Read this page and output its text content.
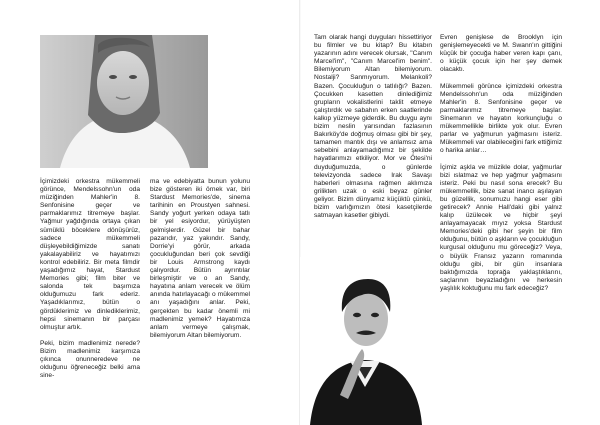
İçimizdeki orkestra mükemmeli görünce, Mendelssohn'un oda müziğinden Mahler'in 8. Senfonisine geçer ve parmaklarımız titremeye başlar. Yağmur yağdığında ortaya çıkan sümüklü böceklere dönüşürüz, sadece mükemmeli düşleyebildiğimizde sanatı yakalayabiliriz ve hayatımızı kontrol edebiliriz. Bir meta filmdir yaşadığımız hayat, Stardust Memories gibi; film biter ve salonda tek başımıza olduğumuzu fark ederiz. Yaşadıklarımız, bütün o gördüklerimiz ve dinlediklerimiz, hepsi sinemanın bir parçası olmuştur artık.

Peki, bizim madlenimiz nerede? Bizim madlenimiz karşımıza çıkınca onunneredeve ne olduğunu öğreneceğiz belki ama sine-
ma ve edebiyatta bunun yolunu bize gösteren iki örnek var, biri Stardust Memories'de, sinema tarihinin en Proustyen sahnesi. Sandy yoğurt yerken odaya tatlı bir yel esiyordur, yürüyüşten gelmişlerdir. Güzel bir bahar pazarıdır, yaz yakındır. Sandy, Dorrie'yi görür, arkada çocukluğundan beri çok sevdiği bir Louis Armstrong kaydı çalıyordur. Bütün ayrıntılar birleşmiştir ve o an Sandy, hayatına anlam verecek ve ölüm anında hatırlayacağı o mükemmel anı yaşadığını anlar. Peki, gerçekten bu kadar önemli mi madlenimiz yemek? Hayatımıza anlam vermeye çalışmak, bilemiyorum Altan bilemiyorum.
Tam olarak hangi duyguları hissettiriyor bu filmler ve bu kitap? Bu kitabın yazarının adını verecek olursak, "Canım Marcel'im", "Canım Marcel'im benim". Bilemiyorum Altan bilemiyorum. Nostalji? Sanmıyorum. Melankoli? Bazen. Çocukluğun o tatlılığı? Bazen. Çocukken kasetten dinlediğimiz grupların vokalistlerini taklit etmeye çalıştırdık ve sabahın erken saatlerinde kalkıp yüzmeye giderdik. Bu duygu aynı bizim neslin yarısından fazlasının Bakırköy'de doğmuş olması gibi bir şey, tamamen mantık dışı ve anlamsız ama sebebini anlayamadığımız bir şekilde hayatlarımızı etkiliyor. Mor ve Ötesi'ni duyduğumuzda, o günlerde televizyonda sadece Irak Savaşı haberleri olmasına rağmen aklımıza grilikten uzak o eski beyaz günler geliyor. Bizim dünyamız küçüktü çünkü, bizim varlığımızın ötesi kasetçilerde satmayan kasetler gibiydi.
Evren genişlese de Brooklyn için genişlemeyecekti ve M. Swann'ın gittiğini küçük bir çocuğa haber veren kapı çanı, o küçük çocuk için her şey demek olacaktı.

Mükemmeli görünce içimizdeki orkestra Mendelssohn'un oda müziğinden Mahler'in 8. Senfonisine geçer ve parmaklarımız titremeye başlar. Sinemanın ve hayatın korkunçluğu o mükemmellikle birlikte yok olur. Evren parlar ve yağmurun yağmasını isteriz. Mükemmeli var olabileceğini fark ettiğimiz o harika anlar…

İçimiz aşkla ve müzikle dolar, yağmurlar bizi ıslatmaz ve hep yağmur yağmasını isteriz. Peki bu nasıl sona erecek? Bu mükemmellik, bize sanat inancı aşılayan bu güzellik, sonumuzu hangi eser gibi getirecek? Annie Hall'daki gibi yalnız kalıp üzülecek ve hiçbir şeyi anlayamayacak mıyız yoksa Stardust Memories'deki gibi her şeyin bir film olduğunu, bütün o aşkların ve çocukluğun kurgusal olduğunu mu göreceğiz? Veya, o büyük Fransız yazarın romanında olduğu gibi, bir gün insanlara baktığımızda toprağa yaklaştıklarını, saçlarının beyazladığını ve herkesin yaşlılık koktuğunu mu fark edeceğiz?
